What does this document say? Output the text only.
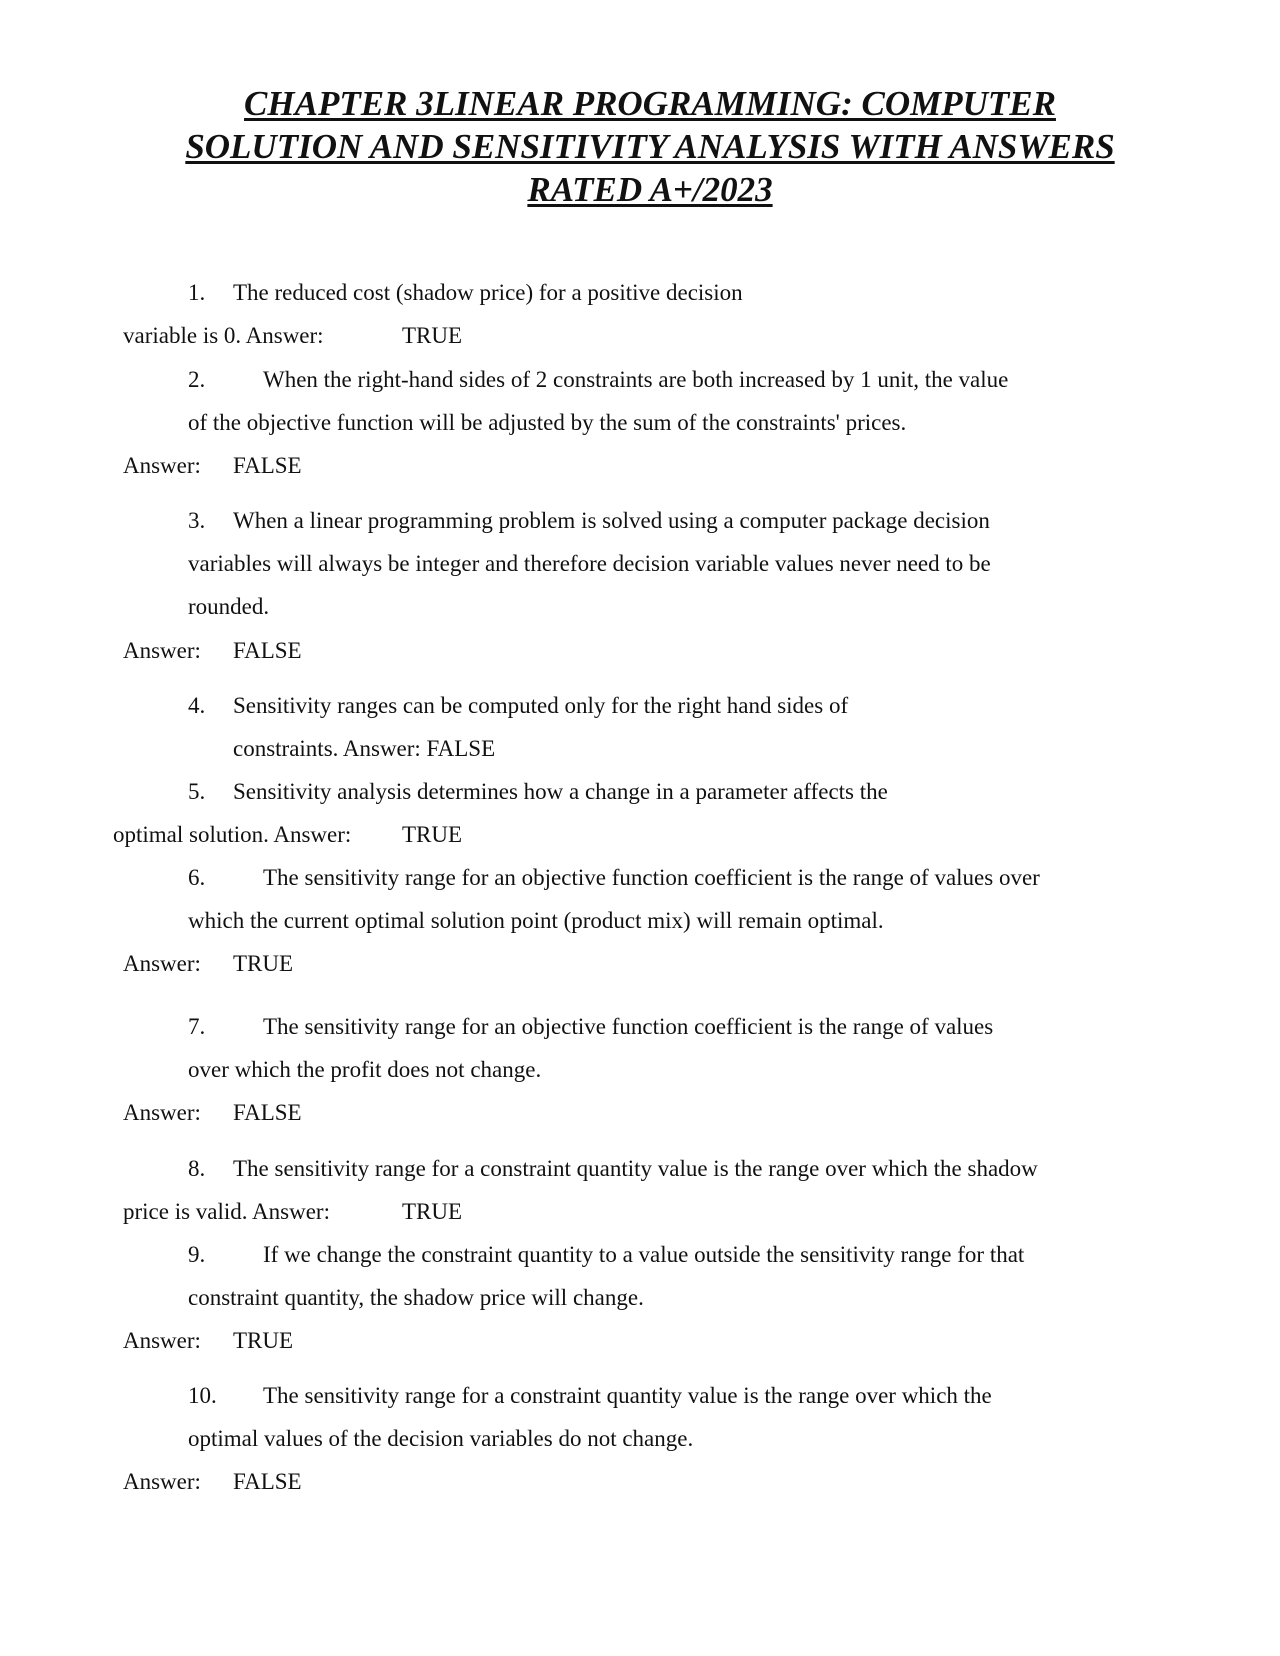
CHAPTER 3LINEAR PROGRAMMING: COMPUTER
SOLUTION AND SENSITIVITY ANALYSIS WITH ANSWERS
RATED A+/2023
1. The reduced cost (shadow price) for a positive decision
variable is 0. Answer:	TRUE
2.	When the right-hand sides of 2 constraints are both increased by 1 unit, the value
of the objective function will be adjusted by the sum of the constraints' prices.
Answer: FALSE
3. When a linear programming problem is solved using a computer package decision
variables will always be integer and therefore decision variable values never need to be
rounded.
Answer: FALSE
4. Sensitivity ranges can be computed only for the right hand sides of
constraints. Answer: FALSE
5. Sensitivity analysis determines how a change in a parameter affects the
optimal solution. Answer: TRUE
6.	The sensitivity range for an objective function coefficient is the range of values over
which the current optimal solution point (product mix) will remain optimal.
Answer: TRUE
7.	The sensitivity range for an objective function coefficient is the range of values
over which the profit does not change.
Answer: FALSE
8. The sensitivity range for a constraint quantity value is the range over which the shadow
price is valid. Answer:	TRUE
9.	If we change the constraint quantity to a value outside the sensitivity range for that
constraint quantity, the shadow price will change.
Answer: TRUE
10. The sensitivity range for a constraint quantity value is the range over which the
optimal values of the decision variables do not change.
Answer: FALSE
